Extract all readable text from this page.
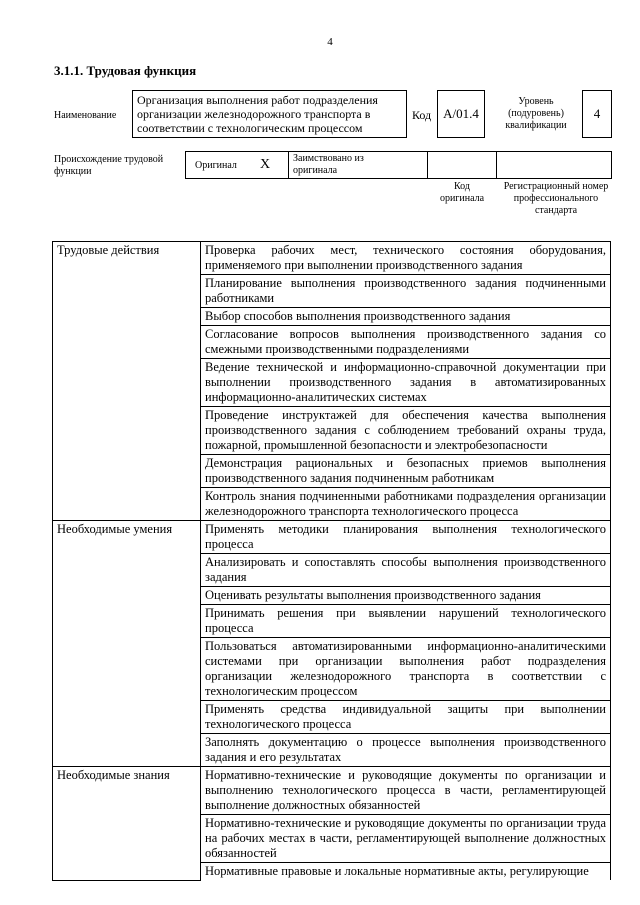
4
3.1.1. Трудовая функция
Наименование
Организация выполнения работ подразделения организации железнодорожного транспорта в соответствии с технологическим процессом
Код A/01.4
Уровень (подуровень) квалификации
4
Происхождение трудовой функции
Оригинал X Заимствовано из оригинала
Код оригинала
Регистрационный номер профессионального стандарта
Трудовые действия	Проверка рабочих мест, технического состояния оборудования, применяемого при выполнении производственного задания
	Планирование выполнения производственного задания подчиненными работниками
	Выбор способов выполнения производственного задания
	Согласование вопросов выполнения производственного задания со смежными производственными подразделениями
	Ведение технической и информационно-справочной документации при выполнении производственного задания в автоматизированных информационно-аналитических системах
	Проведение инструктажей для обеспечения качества выполнения производственного задания с соблюдением требований охраны труда, пожарной, промышленной безопасности и электробезопасности
	Демонстрация рациональных и безопасных приемов выполнения производственного задания подчиненным работникам
	Контроль знания подчиненными работниками подразделения организации железнодорожного транспорта технологического процесса
Необходимые умения	Применять методики планирования выполнения технологического процесса
	Анализировать и сопоставлять способы выполнения производственного задания
	Оценивать результаты выполнения производственного задания
	Принимать решения при выявлении нарушений технологического процесса
	Пользоваться автоматизированными информационно-аналитическими системами при организации выполнения работ подразделения организации железнодорожного транспорта в соответствии с технологическим процессом
	Применять средства индивидуальной защиты при выполнении технологического процесса
	Заполнять документацию о процессе выполнения производственного задания и его результатах
Необходимые знания	Нормативно-технические и руководящие документы по организации и выполнению технологического процесса в части, регламентирующей выполнение должностных обязанностей
	Нормативно-технические и руководящие документы по организации труда на рабочих местах в части, регламентирующей выполнение должностных обязанностей
	Нормативные правовые и локальные нормативные акты, регулирующие
